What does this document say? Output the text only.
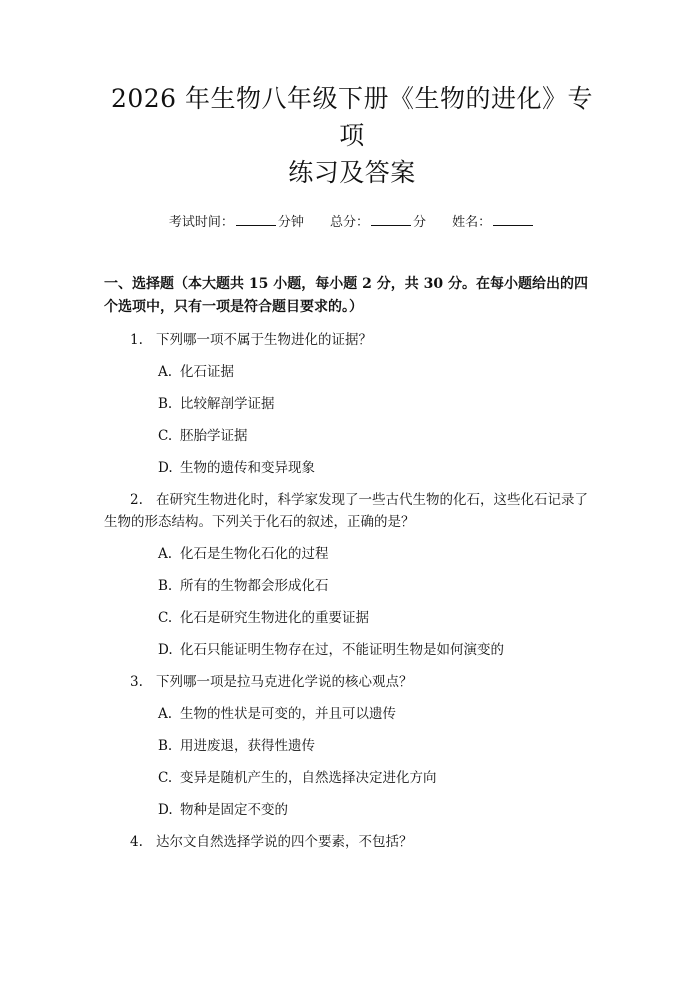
2026 年生物八年级下册《生物的进化》专项
练习及答案
考试时间：	分钟 总分：	分 姓名：
一、选择题（本大题共 15 小题，每小题 2 分，共 30 分。在每小题给出的四个选项中，只有一项是符合题目要求的。）
1. 下列哪一项不属于生物进化的证据？
A. 化石证据
B. 比较解剖学证据
C. 胚胎学证据
D. 生物的遗传和变异现象
2. 在研究生物进化时，科学家发现了一些古代生物的化石，这些化石记录了生物的形态结构。下列关于化石的叙述，正确的是？
A. 化石是生物化石化的过程
B. 所有的生物都会形成化石
C. 化石是研究生物进化的重要证据
D. 化石只能证明生物存在过，不能证明生物是如何演变的
3. 下列哪一项是拉马克进化学说的核心观点？
A. 生物的性状是可变的，并且可以遗传
B. 用进废退，获得性遗传
C. 变异是随机产生的，自然选择决定进化方向
D. 物种是固定不变的
4. 达尔文自然选择学说的四个要素，不包括？
